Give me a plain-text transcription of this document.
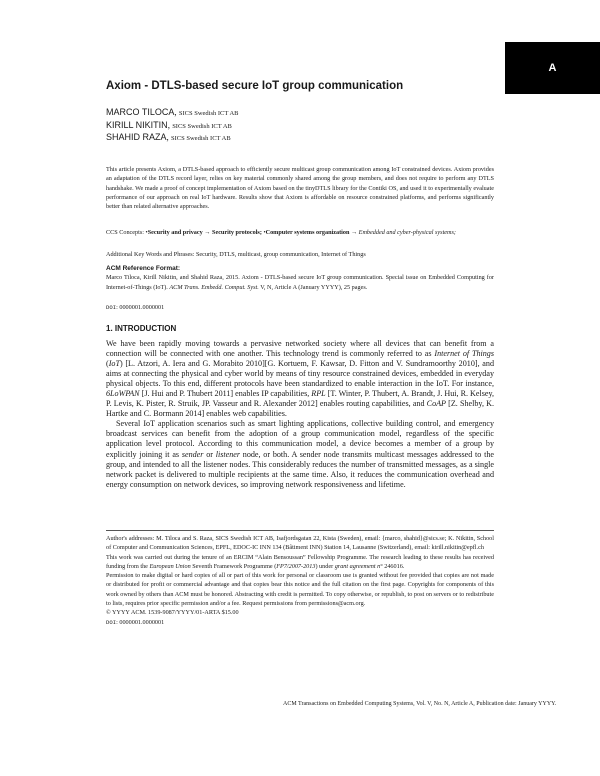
A
Axiom - DTLS-based secure IoT group communication
MARCO TILOCA, SICS Swedish ICT AB
KIRILL NIKITIN, SICS Swedish ICT AB
SHAHID RAZA, SICS Swedish ICT AB

This article presents Axiom, a DTLS-based approach to efficiently secure multicast group communication among IoT constrained devices. Axiom provides an adaptation of the DTLS record layer, relies on key material commonly shared among the group members, and does not require to perform any DTLS handshake. We made a proof of concept implementation of Axiom based on the tinyDTLS library for the Contiki OS, and used it to experimentally evaluate performance of our approach on real IoT hardware. Results show that Axiom is affordable on resource constrained platforms, and performs significantly better than related alternative approaches.

CCS Concepts: •Security and privacy → Security protocols; •Computer systems organization → Embedded and cyber-physical systems;

Additional Key Words and Phrases: Security, DTLS, multicast, group communication, Internet of Things

ACM Reference Format:
Marco Tiloca, Kirill Nikitin, and Shahid Raza, 2015. Axiom - DTLS-based secure IoT group communication. Special issue on Embedded Computing for Internet-of-Things (IoT). ACM Trans. Embedd. Comput. Syst. V, N, Article A (January YYYY), 25 pages.

DOI: 0000001.0000001

1. INTRODUCTION

We have been rapidly moving towards a pervasive networked society where all devices that can benefit from a connection will be connected with one another. This technology trend is commonly referred to as Internet of Things (IoT) [L. Atzori, A. Iera and G. Morabito 2010][G. Kortuem, F. Kawsar, D. Fitton and V. Sundramoorthy 2010], and aims at connecting the physical and cyber world by means of tiny resource constrained devices, embedded in everyday physical objects. To this end, different protocols have been standardized to enable interaction in the IoT. For instance, 6LoWPAN [J. Hui and P. Thubert 2011] enables IP capabilities, RPL [T. Winter, P. Thubert, A. Brandt, J. Hui, R. Kelsey, P. Levis, K. Pister, R. Struik, JP. Vasseur and R. Alexander 2012] enables routing capabilities, and CoAP [Z. Shelby, K. Hartke and C. Bormann 2014] enables web capabilities.

Several IoT application scenarios such as smart lighting applications, collective building control, and emergency broadcast services can benefit from the adoption of a group communication model, regardless of the specific application level protocol. According to this communication model, a device becomes a member of a group by explicitly joining it as sender or listener node, or both. A sender node transmits multicast messages addressed to the group, and intended to all the listener nodes. This considerably reduces the number of transmitted messages, as a single network packet is delivered to multiple recipients at the same time. Also, it reduces the communication overhead and energy consumption on network devices, so improving network responsiveness and lifetime.

Author's addresses: M. Tiloca and S. Raza, SICS Swedish ICT AB, Isafjordsgatan 22, Kista (Sweden), email: {marco, shahid}@sics.se; K. Nikitin, School of Computer and Communication Sciences, EPFL, EDOC-IC INN 134 (Bâtiment INN) Station 14, Lausanne (Switzerland), email: kirill.nikitin@epfl.ch

This work was carried out during the tenure of an ERCIM “Alain Bensoussan” Fellowship Programme. The research leading to these results has received funding from the European Union Seventh Framework Programme (FP7/2007-2013) under grant agreement n° 246016.

Permission to make digital or hard copies of all or part of this work for personal or classroom use is granted without fee provided that copies are not made or distributed for profit or commercial advantage and that copies bear this notice and the full citation on the first page. Copyrights for components of this work owned by others than ACM must be honored. Abstracting with credit is permitted. To copy otherwise, or republish, to post on servers or to redistribute to lists, requires prior specific permission and/or a fee. Request permissions from permissions@acm.org.

© YYYY ACM. 1539-9087/YYYY/01-ARTA $15.00

DOI: 0000001.0000001

ACM Transactions on Embedded Computing Systems, Vol. V, No. N, Article A, Publication date: January YYYY.
